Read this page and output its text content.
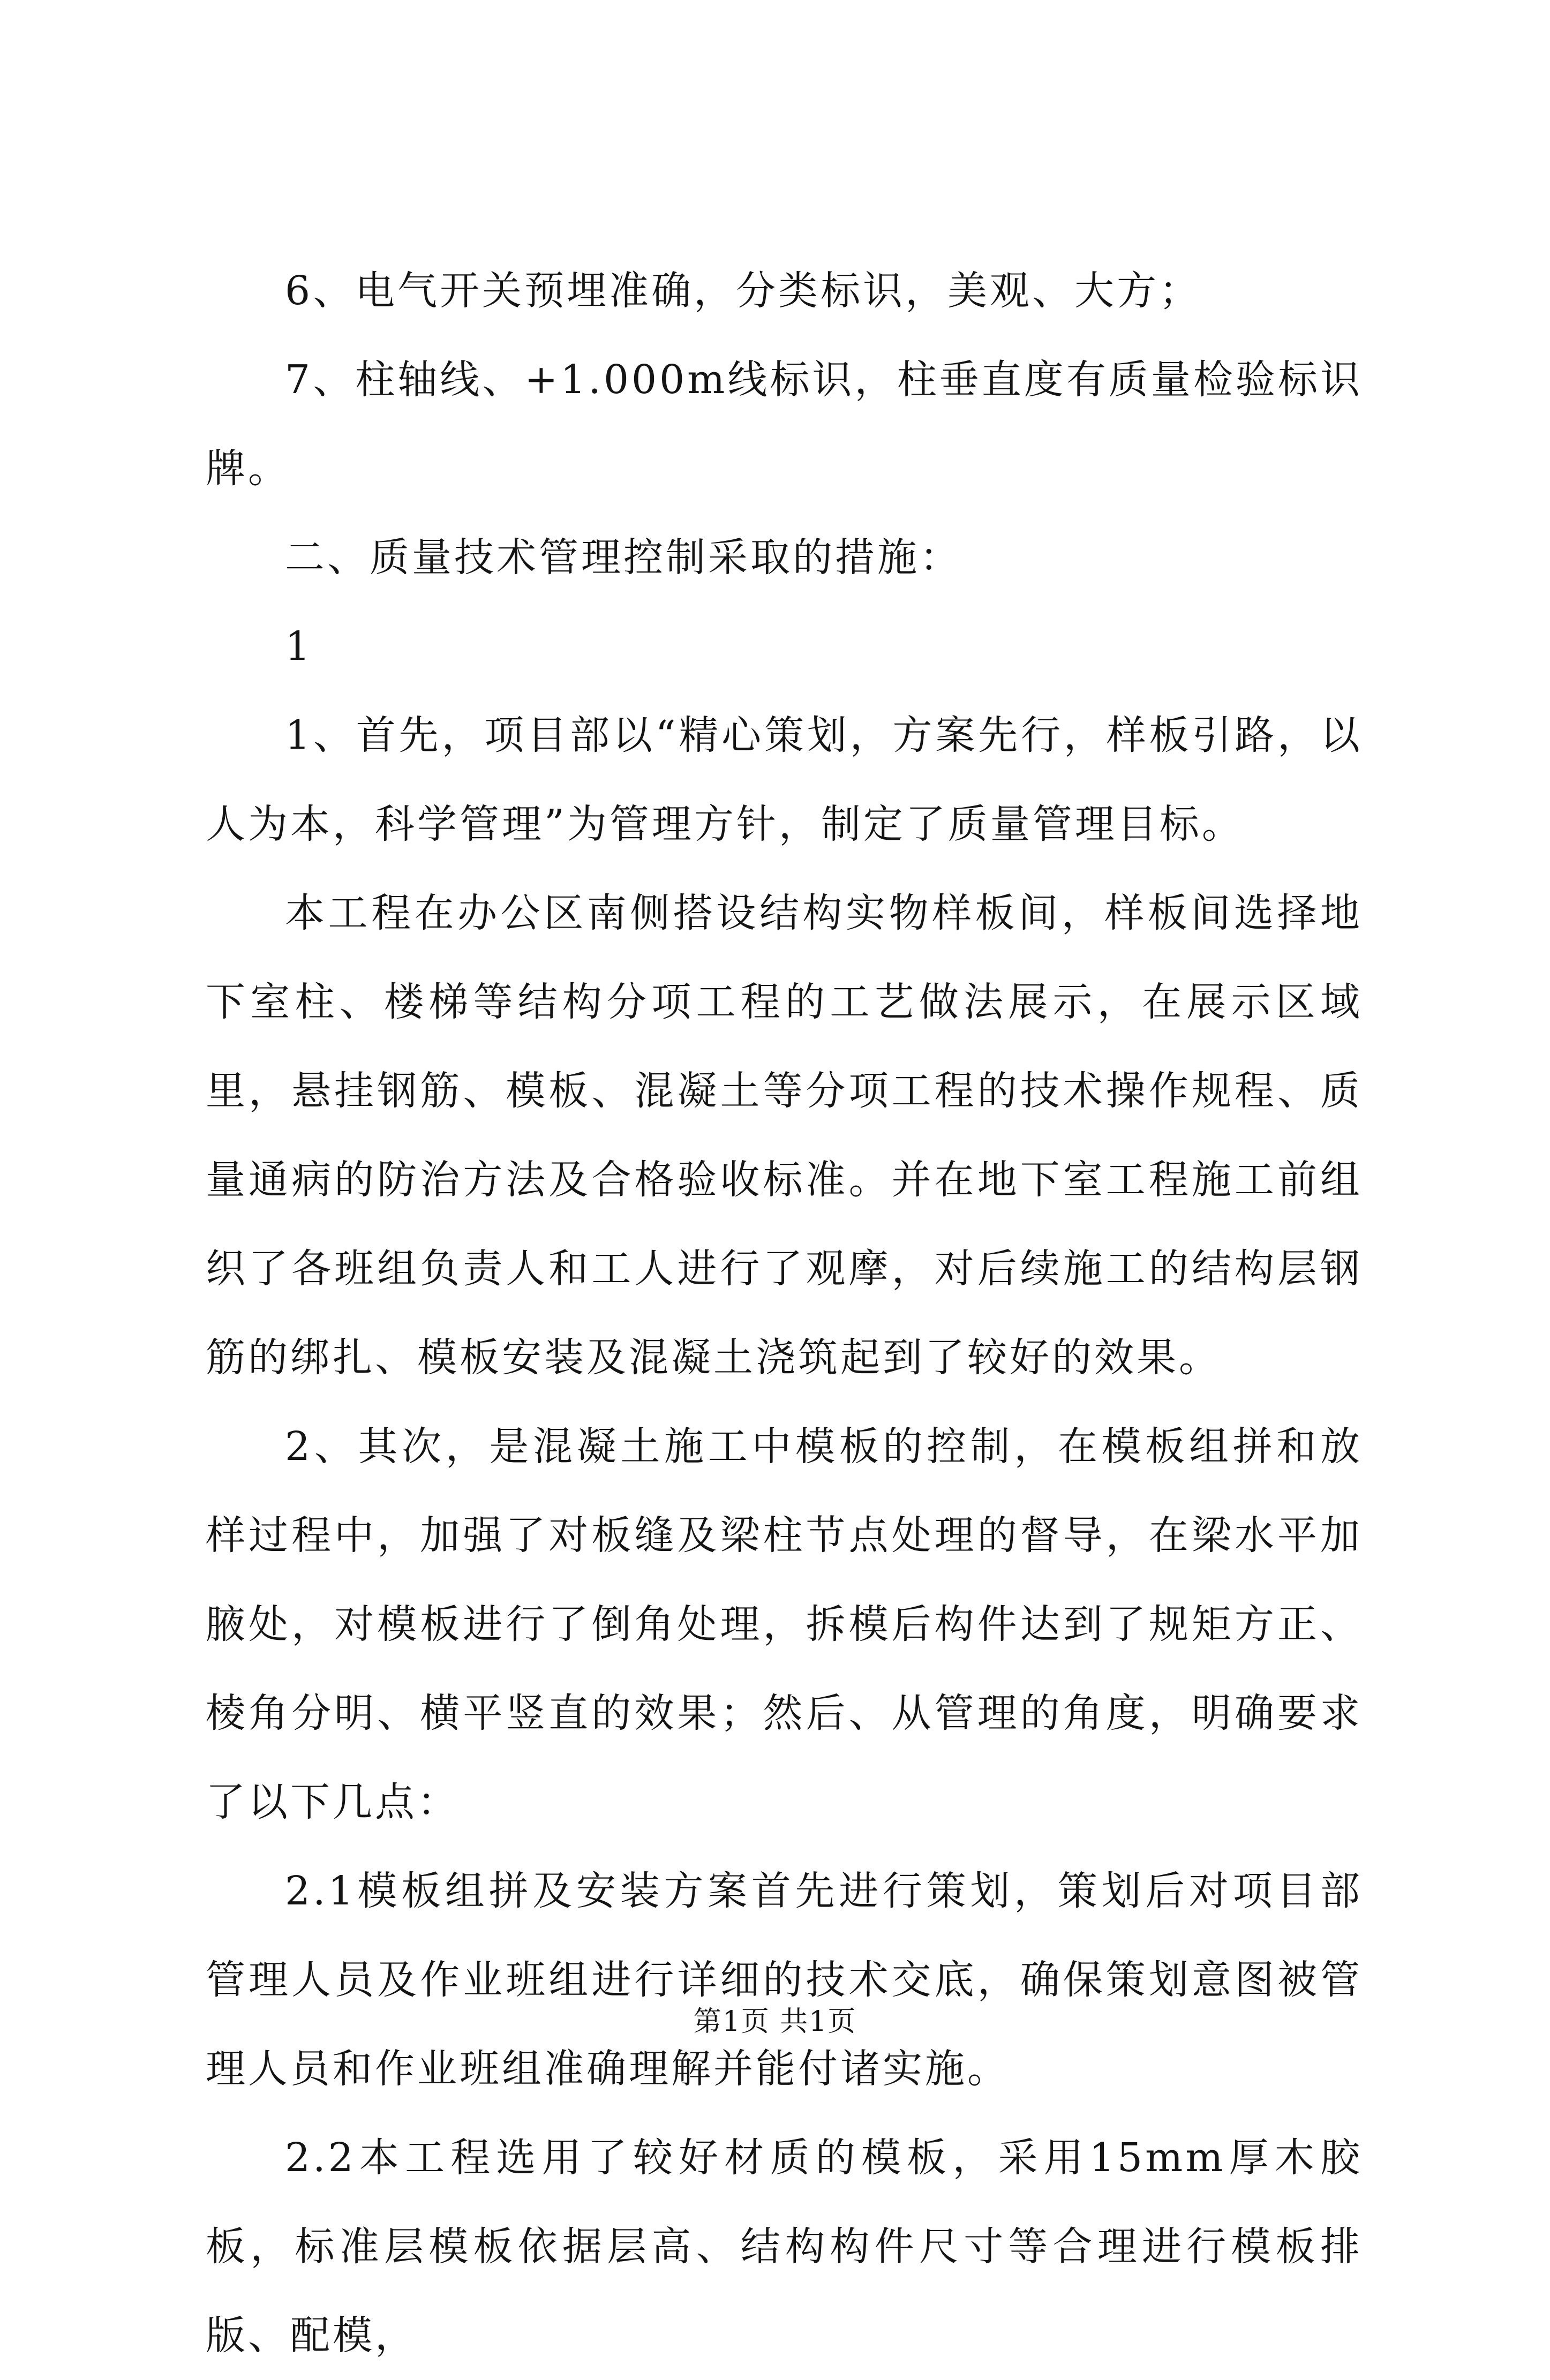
6、电气开关预埋准确，分类标识，美观、大方；

7、柱轴线、+1.000m线标识，柱垂直度有质量检验标识牌。

二、质量技术管理控制采取的措施：

1

1、首先，项目部以“精心策划，方案先行，样板引路，以人为本，科学管理”为管理方针，制定了质量管理目标。

本工程在办公区南侧搭设结构实物样板间，样板间选择地下室柱、楼梯等结构分项工程的工艺做法展示，在展示区域里，悬挂钢筋、模板、混凝土等分项工程的技术操作规程、质量通病的防治方法及合格验收标准。并在地下室工程施工前组织了各班组负责人和工人进行了观摩，对后续施工的结构层钢筋的绑扎、模板安装及混凝土浇筑起到了较好的效果。

2、其次，是混凝土施工中模板的控制，在模板组拼和放样过程中，加强了对板缝及梁柱节点处理的督导，在梁水平加腋处，对模板进行了倒角处理，拆模后构件达到了规矩方正、棱角分明、横平竖直的效果；然后、从管理的角度，明确要求了以下几点：

2.1模板组拼及安装方案首先进行策划，策划后对项目部管理人员及作业班组进行详细的技术交底，确保策划意图被管理人员和作业班组准确理解并能付诸实施。

2.2本工程选用了较好材质的模板，采用15mm厚木胶板，标准层模板依据层高、结构构件尺寸等合理进行模板排版、配模，

第1页 共1页
